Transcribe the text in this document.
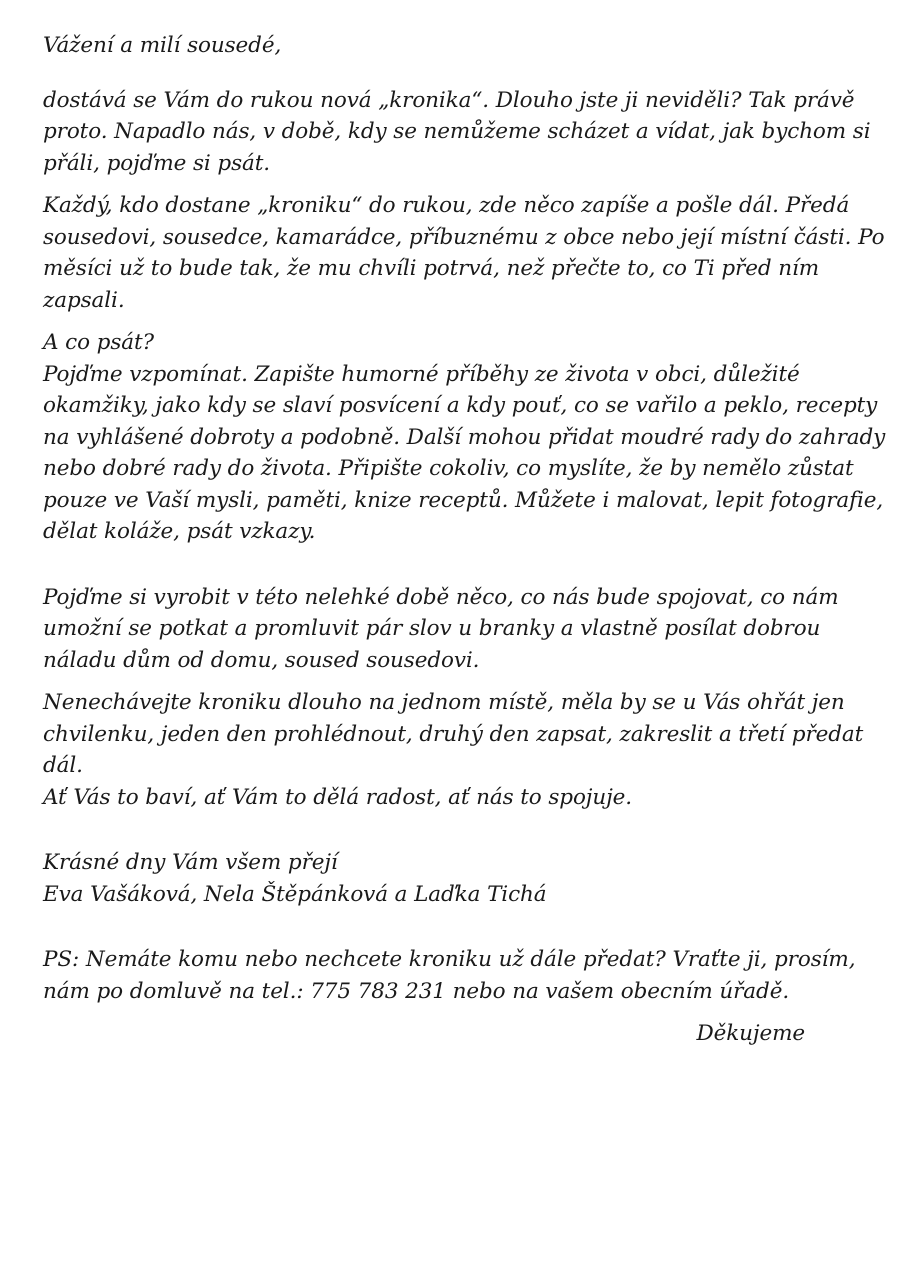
Vážení a milí sousedé,
dostává se Vám do rukou nová „kronika“. Dlouho jste ji neviděli? Tak právě
proto. Napadlo nás, v době, kdy se nemůžeme scházet a vídat, jak bychom si
přáli, pojďme si psát.
Každý, kdo dostane „kroniku“ do rukou, zde něco zapíše a pošle dál. Předá
sousedovi, sousedce, kamarádce, příbuznému z obce nebo její místní části. Po
měsíci už to bude tak, že mu chvíli potrvá, než přečte to, co Ti před ním
zapsali.
A co psát?
Pojďme vzpomínat. Zapište humorné příběhy ze života v obci, důležité
okamžiky, jako kdy se slaví posvícení a kdy pouť, co se vařilo a peklo, recepty
na vyhlášené dobroty a podobně. Další mohou přidat moudré rady do zahrady
nebo dobré rady do života. Připište cokoliv, co myslíte, že by nemělo zůstat
pouze ve Vaší mysli, paměti, knize receptů. Můžete i malovat, lepit fotografie,
dělat koláže, psát vzkazy.
Pojďme si vyrobit v této nelehké době něco, co nás bude spojovat, co nám
umožní se potkat a promluvit pár slov u branky a vlastně posílat dobrou
náladu dům od domu, soused sousedovi.
Nenechávejte kroniku dlouho na jednom místě, měla by se u Vás ohřát jen
chvilenku, jeden den prohlédnout, druhý den zapsat, zakreslit a třetí předat
dál.
Ať Vás to baví, ať Vám to dělá radost, ať nás to spojuje.
Krásné dny Vám všem přejí
Eva Vašáková, Nela Štěpánková a Laďka Tichá
PS: Nemáte komu nebo nechcete kroniku už dále předat? Vraťte ji, prosím,
nám po domluvě na tel.: 775 783 231 nebo na vašem obecním úřadě.
Děkujeme
